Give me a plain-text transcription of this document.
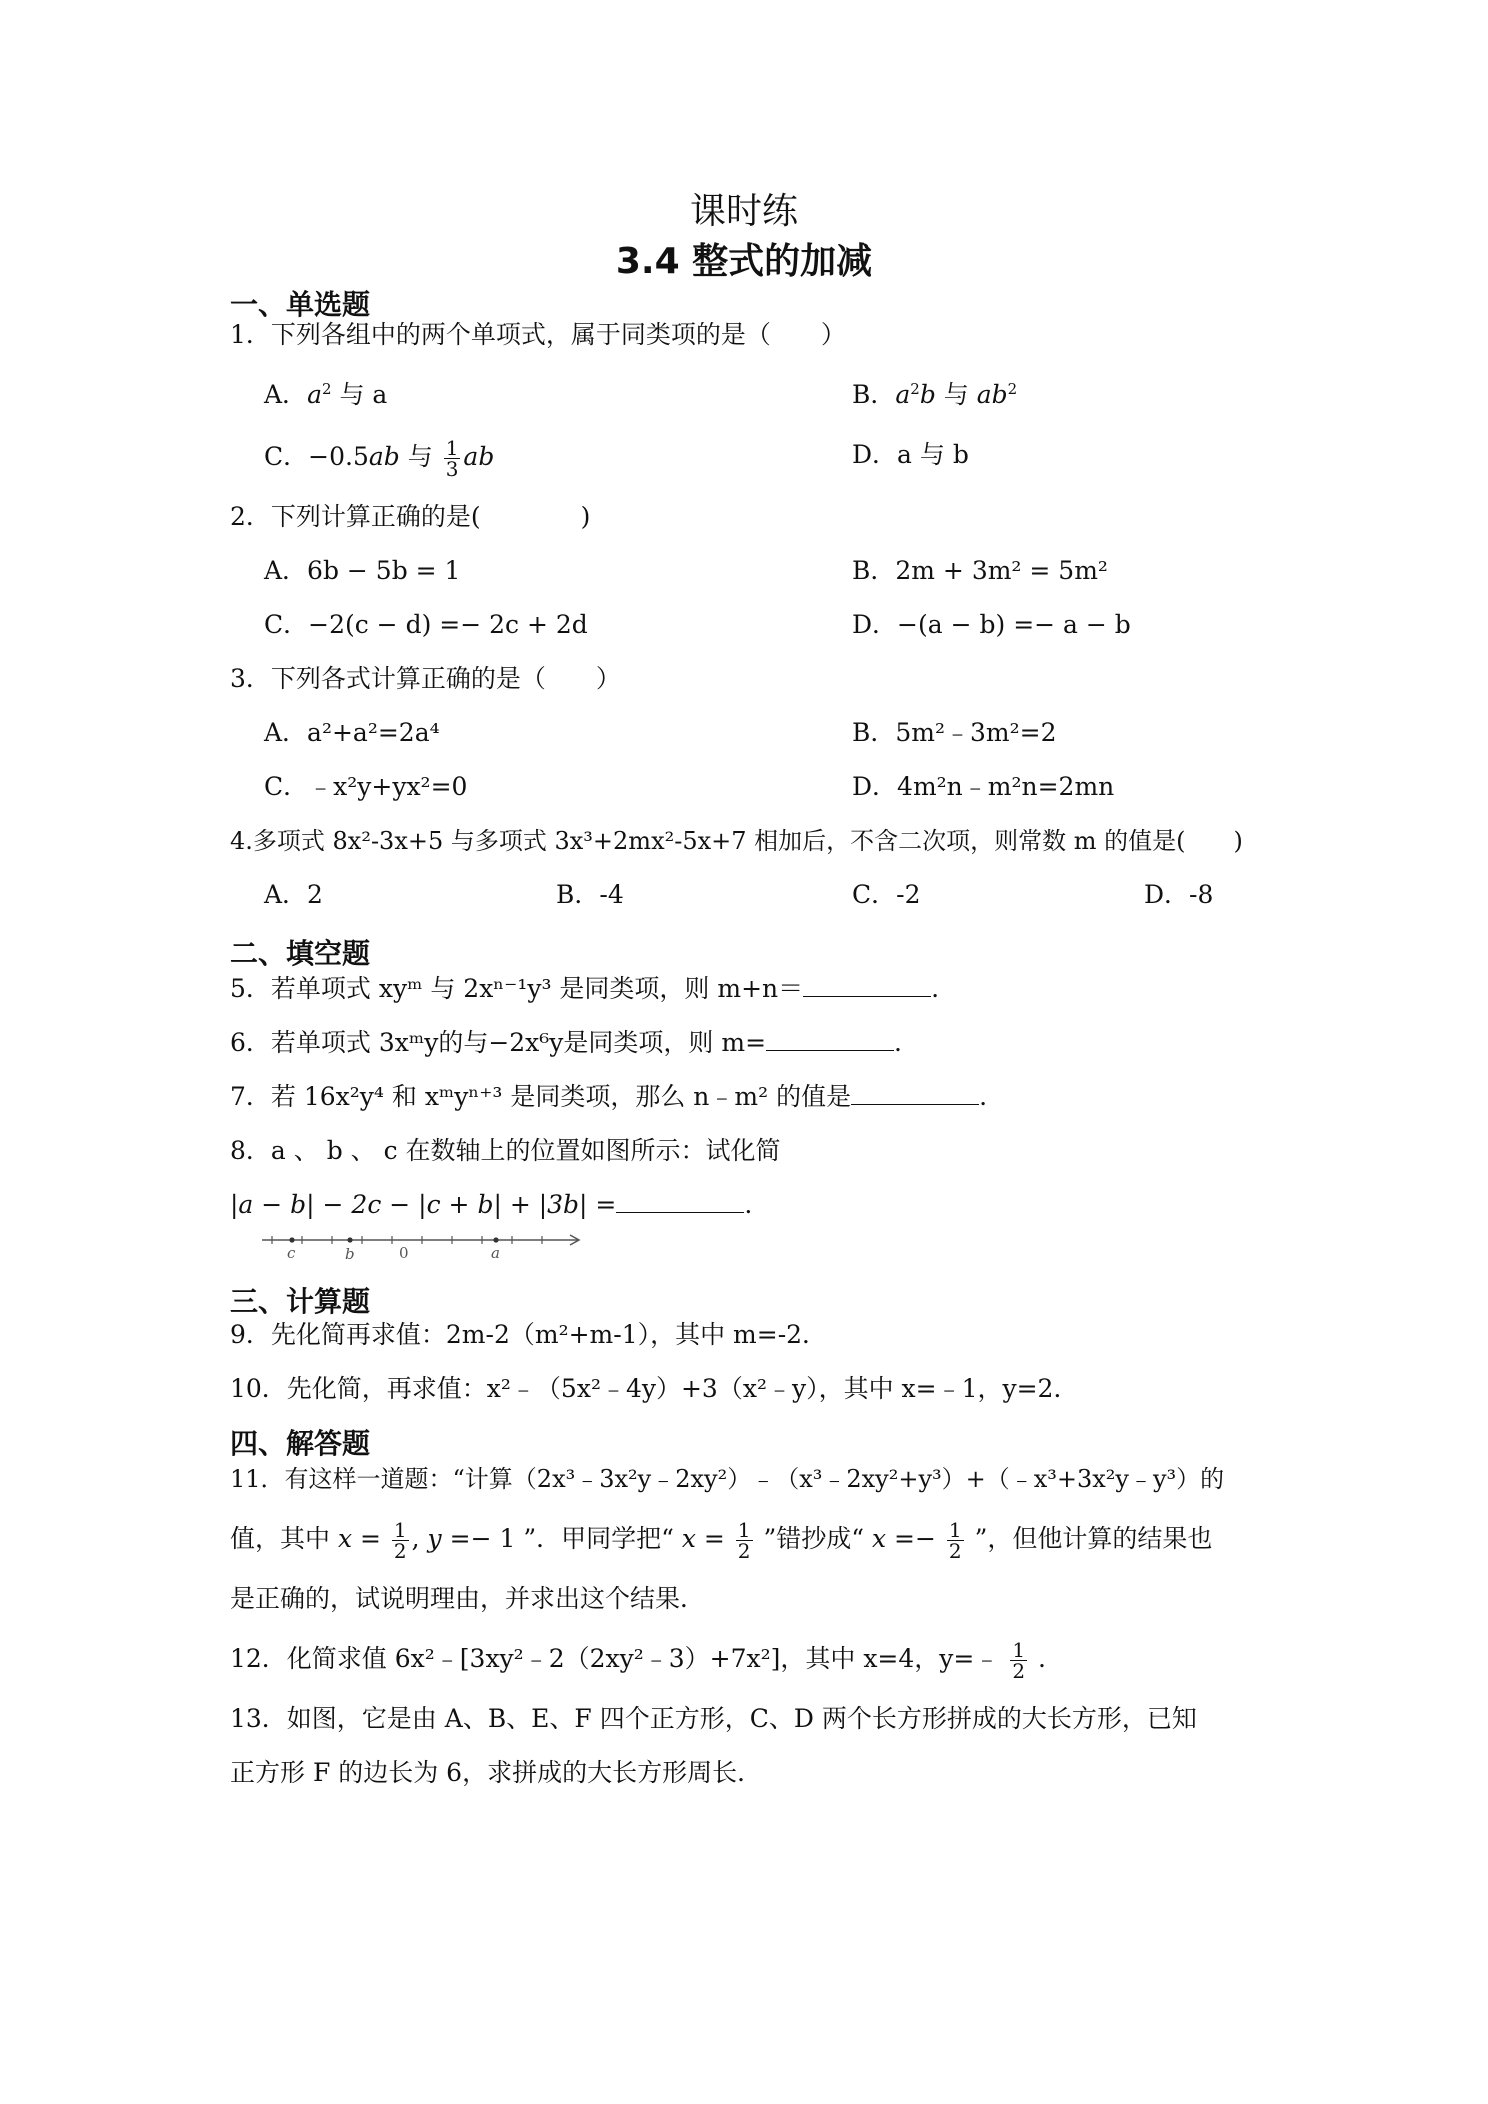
课时练
3.4 整式的加减
一、单选题
1．下列各组中的两个单项式，属于同类项的是（　　）
A．$a^2$ 与 a	B．$a^2b$ 与 $ab^2$
C．−0.5ab 与 $\frac{1}{3}$ ab	D．a 与 b
2．下列计算正确的是(　　　　)
A．6b − 5b = 1	B．2m + 3m² = 5m²
C．−2(c − d) =− 2c + 2d	D．−(a − b) =− a − b
3．下列各式计算正确的是（　　）
A．a²+a²=2a⁴	B．5m²﹣3m²=2
C．﹣x²y+yx²=0	D．4m²n﹣m²n=2mn
4.多项式 8x²-3x+5 与多项式 3x³+2mx²-5x+7 相加后，不含二次项，则常数 m 的值是(　　)
A．2	B．-4	C．-2	D．-8
二、填空题
5．若单项式 xyᵐ 与 2xⁿ⁻¹y³ 是同类项，则 m+n＝	.
6．若单项式 3xᵐy的与−2x⁶y是同类项，则 m=	.
7．若 16x²y⁴ 和 xᵐyⁿ⁺³ 是同类项，那么 n﹣m² 的值是	.
8．a 、 b 、 c 在数轴上的位置如图所示：试化简
|a − b| − 2c − |c + b| + |3b| =	.
c	b	0	a
三、计算题
9．先化简再求值：2m-2（m²+m-1），其中 m=-2．
10．先化简，再求值：x²﹣（5x²﹣4y）+3（x²﹣y），其中 x=﹣1，y=2．
四、解答题
11．有这样一道题：“计算（2x³﹣3x²y﹣2xy²）﹣（x³﹣2xy²+y³）+（﹣x³+3x²y﹣y³）的
值，其中 $x = \frac{1}{2}$ , y =− 1 ”．甲同学把“ $x = \frac{1}{2}$ ”错抄成“ $x =- \frac{1}{2}$ ”，但他计算的结果也
是正确的，试说明理由，并求出这个结果．
12．化简求值 6x²﹣[3xy²﹣2（2xy²﹣3）+7x²]，其中 x=4，y=﹣ $\frac{1}{2}$ .
13．如图，它是由 A、B、E、F 四个正方形，C、D 两个长方形拼成的大长方形，已知
正方形 F 的边长为 6，求拼成的大长方形周长．
